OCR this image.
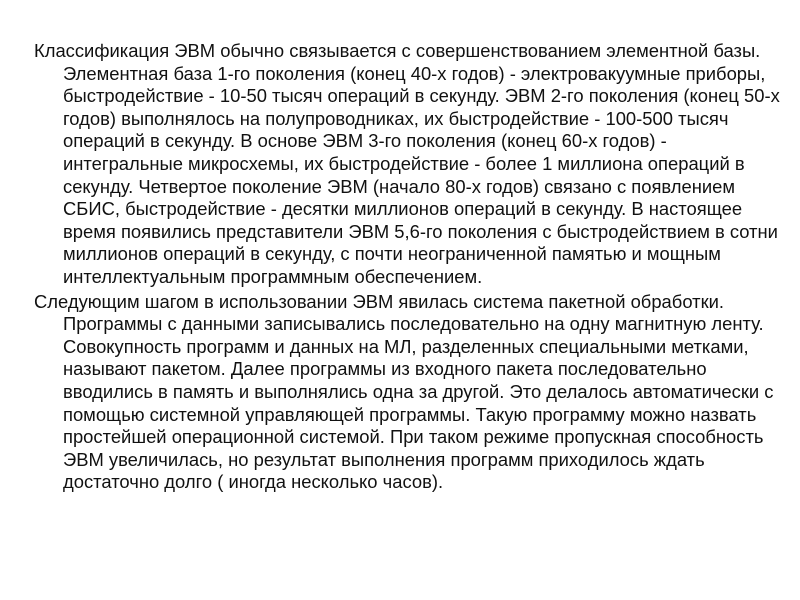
Классификация ЭВМ обычно связывается с совершенствованием элементной базы. Элементная база 1-го поколения (конец 40-х годов) - электровакуумные приборы, быстродействие - 10-50 тысяч операций в секунду. ЭВМ 2-го поколения (конец 50-х годов) выполнялось на полупроводниках, их быстродействие - 100-500 тысяч операций в секунду. В основе ЭВМ 3-го поколения (конец 60-х годов) - интегральные микросхемы, их быстродействие - более 1 миллиона операций в секунду. Четвертое поколение ЭВМ (начало 80-х годов) связано с появлением СБИС, быстродействие - десятки миллионов операций в секунду. В настоящее время появились представители ЭВМ 5,6-го поколения с быстродействием в сотни миллионов операций в секунду, с почти неограниченной памятью и мощным интеллектуальным программным обеспечением.

Следующим шагом в использовании ЭВМ явилась система пакетной обработки. Программы с данными записывались последовательно на одну магнитную ленту. Совокупность программ и данных на МЛ, разделенных специальными метками, называют пакетом. Далее программы из входного пакета последовательно вводились в память и выполнялись одна за другой. Это делалось автоматически с помощью системной управляющей программы. Такую программу можно назвать простейшей операционной системой. При таком режиме пропускная способность ЭВМ увеличилась, но результат выполнения программ приходилось ждать достаточно долго ( иногда несколько часов).
